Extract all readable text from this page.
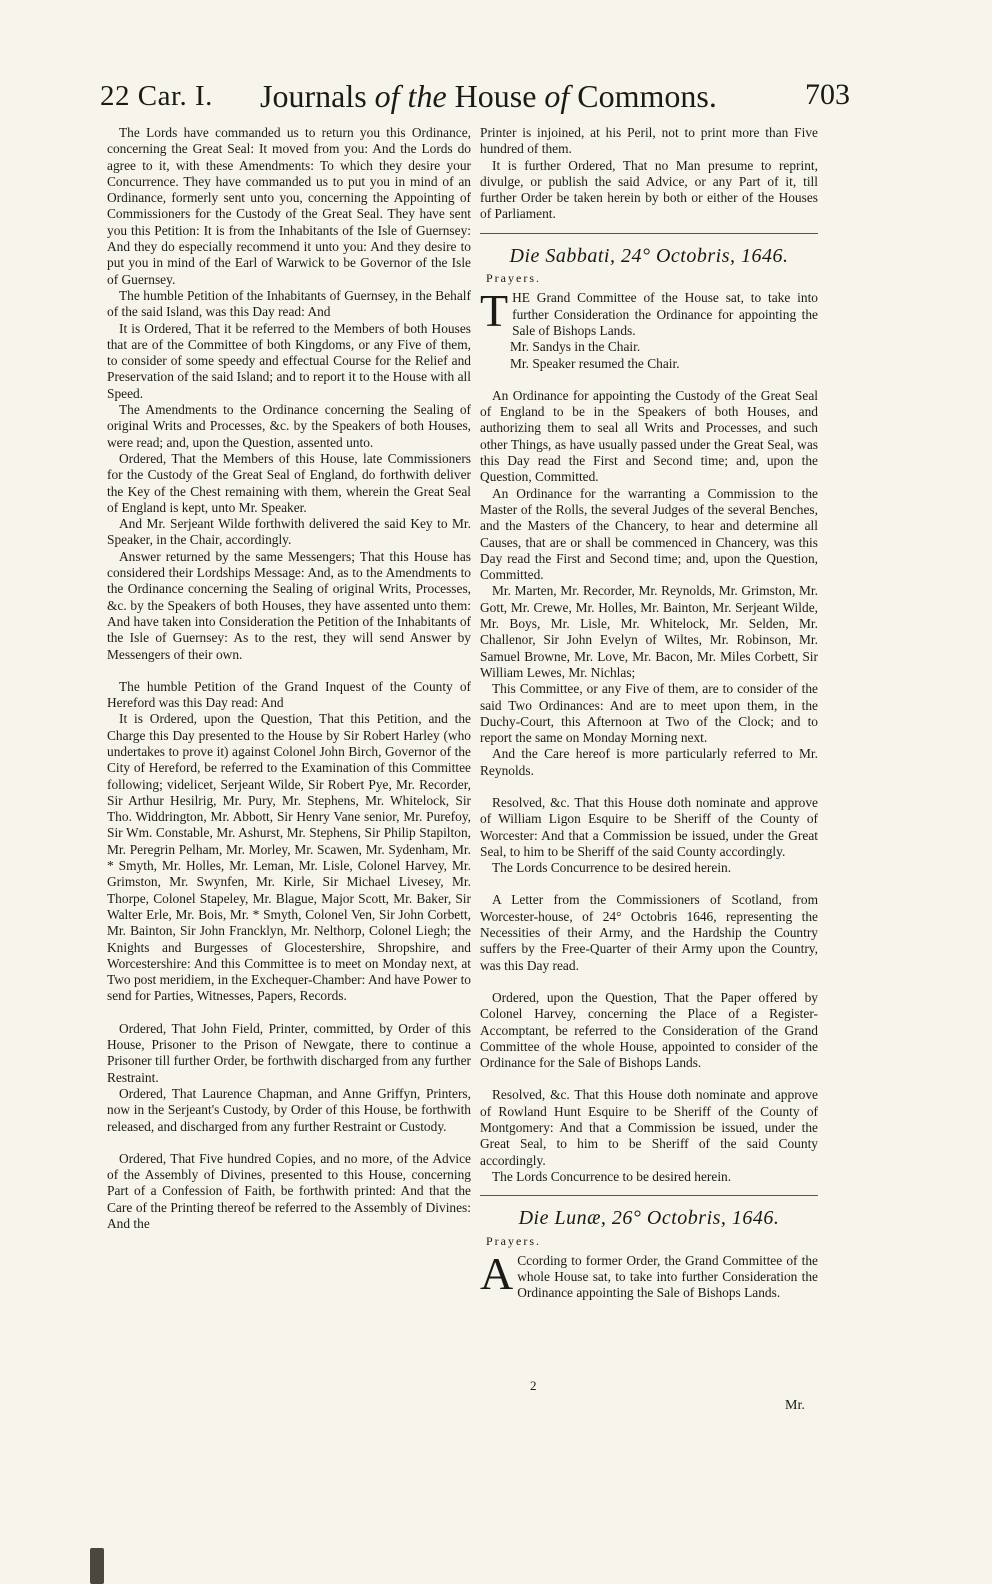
22 Car. I. Journals of the House of Commons.	703

The Lords have commanded us to return you this Ordinance, concerning the Great Seal: It moved from you: And the Lords do agree to it, with these Amendments: To which they desire your Concurrence. They have commanded us to put you in mind of an Ordinance, formerly sent unto you, concerning the Appointing of Commissioners for the Custody of the Great Seal. They have sent you this Petition: It is from the Inhabitants of the Isle of Guernsey: And they do especially recommend it unto you: And they desire to put you in mind of the Earl of Warwick to be Governor of the Isle of Guernsey.

The humble Petition of the Inhabitants of Guernsey, in the Behalf of the said Island, was this Day read: And

It is Ordered, That it be referred to the Members of both Houses that are of the Committee of both Kingdoms, or any Five of them, to consider of some speedy and effectual Course for the Relief and Preservation of the said Island; and to report it to the House with all Speed.

The Amendments to the Ordinance concerning the Sealing of original Writs and Processes, &c. by the Speakers of both Houses, were read; and, upon the Question, assented unto.

Ordered, That the Members of this House, late Commissioners for the Custody of the Great Seal of England, do forthwith deliver the Key of the Chest remaining with them, wherein the Great Seal of England is kept, unto Mr. Speaker.

And Mr. Serjeant Wilde forthwith delivered the said Key to Mr. Speaker, in the Chair, accordingly.

Answer returned by the same Messengers; That this House has considered their Lordships Message: And, as to the Amendments to the Ordinance concerning the Sealing of original Writs, Processes, &c. by the Speakers of both Houses, they have assented unto them: And have taken into Consideration the Petition of the Inhabitants of the Isle of Guernsey: As to the rest, they will send Answer by Messengers of their own.

The humble Petition of the Grand Inquest of the County of Hereford was this Day read: And

It is Ordered, upon the Question, That this Petition, and the Charge this Day presented to the House by Sir Robert Harley (who undertakes to prove it) against Colonel John Birch, Governor of the City of Hereford, be referred to the Examination of this Committee following; videlicet, Serjeant Wilde, Sir Robert Pye, Mr. Recorder, Sir Arthur Hesilrig, Mr. Pury, Mr. Stephens, Mr. Whitelock, Sir Tho. Widdrington, Mr. Abbott, Sir Henry Vane senior, Mr. Purefoy, Sir Wm. Constable, Mr. Ashurst, Mr. Stephens, Sir Philip Stapilton, Mr. Peregrin Pelham, Mr. Morley, Mr. Scawen, Mr. Sydenham, Mr. * Smyth, Mr. Holles, Mr. Leman, Mr. Lisle, Colonel Harvey, Mr. Grimston, Mr. Swynfen, Mr. Kirle, Sir Michael Livesey, Mr. Thorpe, Colonel Stapeley, Mr. Blague, Major Scott, Mr. Baker, Sir Walter Erle, Mr. Bois, Mr. * Smyth, Colonel Ven, Sir John Corbett, Mr. Bainton, Sir John Francklyn, Mr. Nelthorp, Colonel Liegh; the Knights and Burgesses of Glocestershire, Shropshire, and Worcestershire: And this Committee is to meet on Monday next, at Two post meridiem, in the Exchequer-Chamber: And have Power to send for Parties, Witnesses, Papers, Records.

Ordered, That John Field, Printer, committed, by Order of this House, Prisoner to the Prison of Newgate, there to continue a Prisoner till further Order, be forthwith discharged from any further Restraint.

Ordered, That Laurence Chapman, and Anne Griffyn, Printers, now in the Serjeant's Custody, by Order of this House, be forthwith released, and discharged from any further Restraint or Custody.

Ordered, That Five hundred Copies, and no more, of the Advice of the Assembly of Divines, presented to this House, concerning Part of a Confession of Faith, be forthwith printed: And that the Care of the Printing thereof be referred to the Assembly of Divines: And the

Printer is injoined, at his Peril, not to print more than Five hundred of them.

It is further Ordered, That no Man presume to reprint, divulge, or publish the said Advice, or any Part of it, till further Order be taken herein by both or either of the Houses of Parliament.

Die Sabbati, 24° Octobris, 1646.
Prayers.

THE Grand Committee of the House sat, to take into further Consideration the Ordinance for appointing the Sale of Bishops Lands.

Mr. Sandys in the Chair.

Mr. Speaker resumed the Chair.

An Ordinance for appointing the Custody of the Great Seal of England to be in the Speakers of both Houses, and authorizing them to seal all Writs and Processes, and such other Things, as have usually passed under the Great Seal, was this Day read the First and Second time; and, upon the Question, Committed.

An Ordinance for the warranting a Commission to the Master of the Rolls, the several Judges of the several Benches, and the Masters of the Chancery, to hear and determine all Causes, that are or shall be commenced in Chancery, was this Day read the First and Second time; and, upon the Question, Committed.

Mr. Marten, Mr. Recorder, Mr. Reynolds, Mr. Grimston, Mr. Gott, Mr. Crewe, Mr. Holles, Mr. Bainton, Mr. Serjeant Wilde, Mr. Boys, Mr. Lisle, Mr. Whitelock, Mr. Selden, Mr. Challenor, Sir John Evelyn of Wiltes, Mr. Robinson, Mr. Samuel Browne, Mr. Love, Mr. Bacon, Mr. Miles Corbett, Sir William Lewes, Mr. Nichlas;

This Committee, or any Five of them, are to consider of the said Two Ordinances: And are to meet upon them, in the Duchy-Court, this Afternoon at Two of the Clock; and to report the same on Monday Morning next.

And the Care hereof is more particularly referred to Mr. Reynolds.

Resolved, &c. That this House doth nominate and approve of William Ligon Esquire to be Sheriff of the County of Worcester: And that a Commission be issued, under the Great Seal, to him to be Sheriff of the said County accordingly.

The Lords Concurrence to be desired herein.

A Letter from the Commissioners of Scotland, from Worcester-house, of 24° Octobris 1646, representing the Necessities of their Army, and the Hardship the Country suffers by the Free-Quarter of their Army upon the Country, was this Day read.

Ordered, upon the Question, That the Paper offered by Colonel Harvey, concerning the Place of a Register-Accomptant, be referred to the Consideration of the Grand Committee of the whole House, appointed to consider of the Ordinance for the Sale of Bishops Lands.

Resolved, &c. That this House doth nominate and approve of Rowland Hunt Esquire to be Sheriff of the County of Montgomery: And that a Commission be issued, under the Great Seal, to him to be Sheriff of the said County accordingly.

The Lords Concurrence to be desired herein.

Die Lunæ, 26° Octobris, 1646.
Prayers.

A Ccording to former Order, the Grand Committee of the whole House sat, to take into further Consideration the Ordinance appointing the Sale of Bishops Lands.

2
Mr.
